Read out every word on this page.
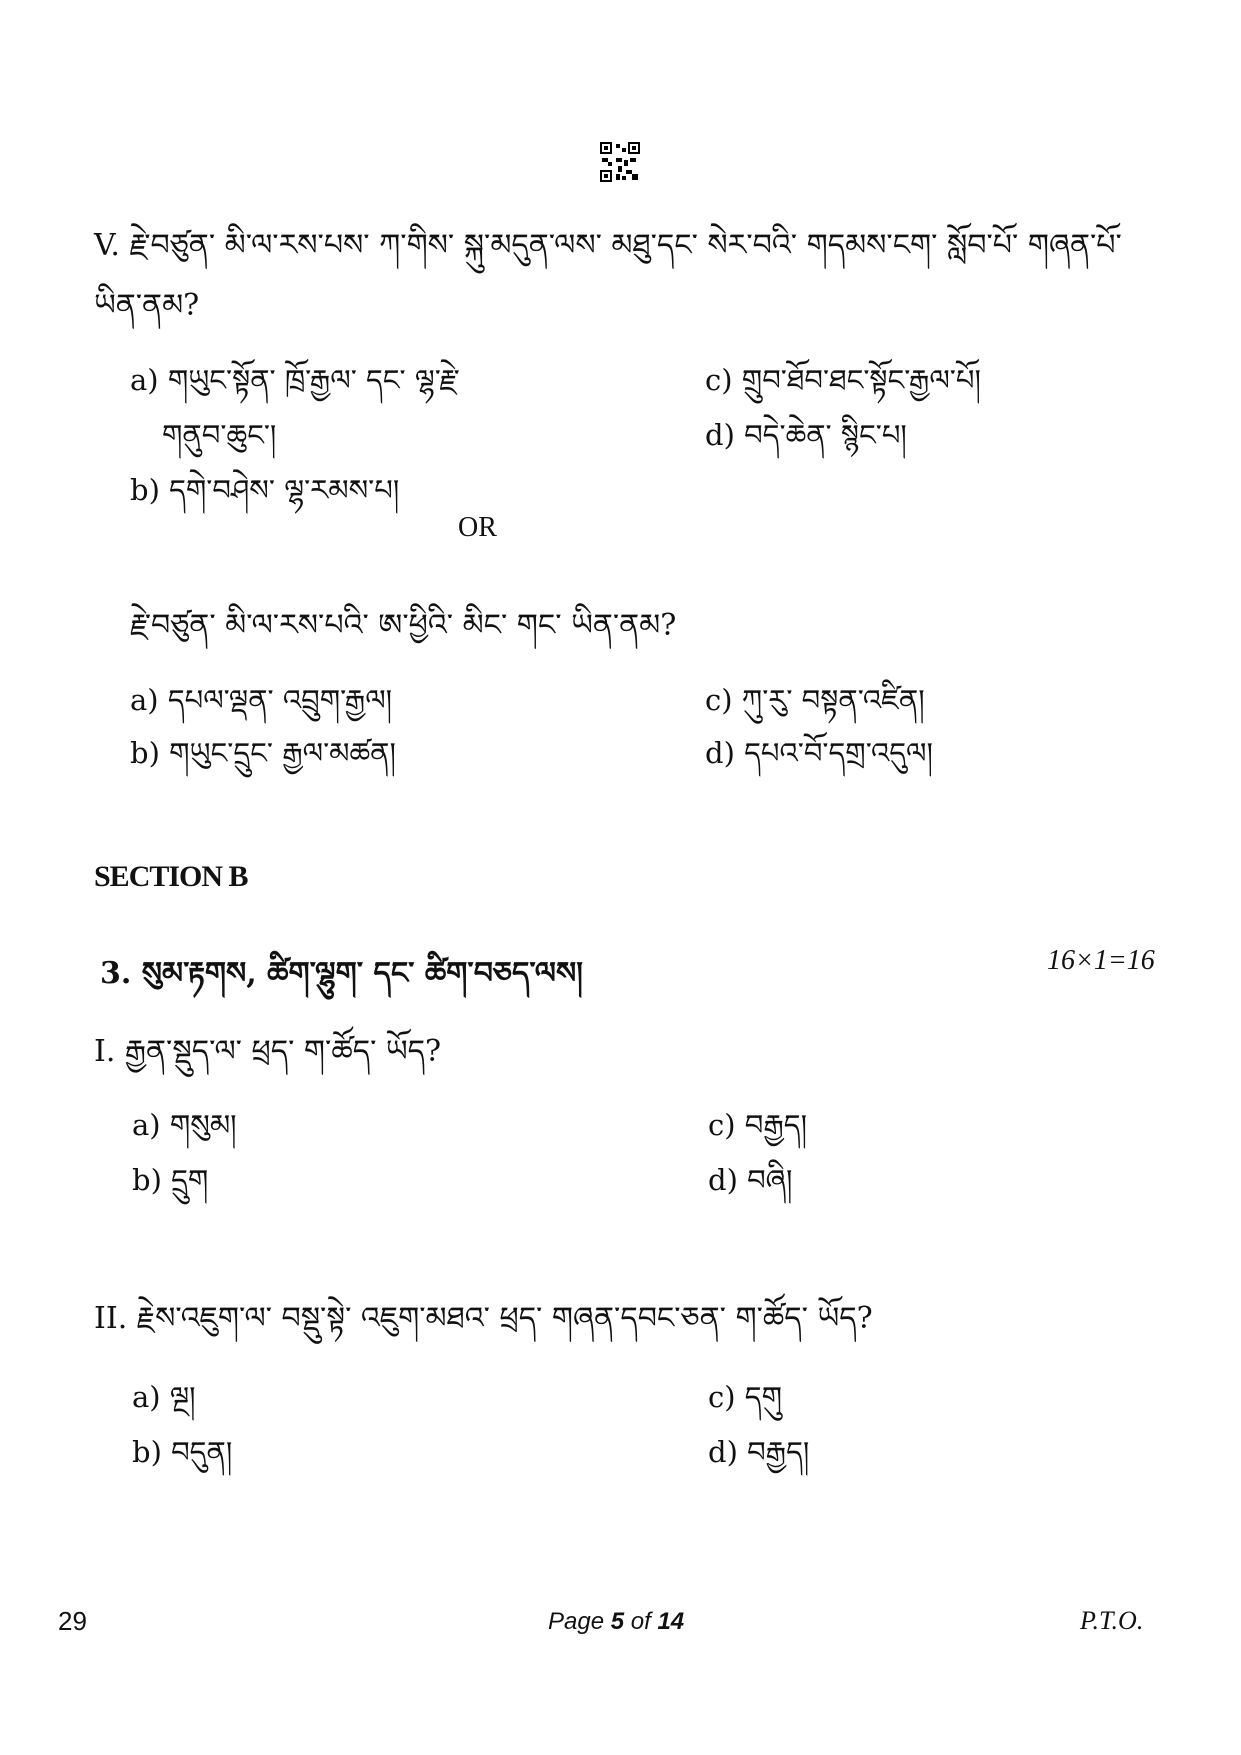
V. རྗེ་བཙུན་ མི་ལ་རས་པས་ ཀ་གིས་ སྐུ་མདུན་ལས་ མཐུ་དང་ སེར་བའི་ གདམས་ངག་ སློབ་པོ་ གཞན་པོ་
ཡིན་ནམ?
a) གཡུང་སྟོན་ ཁྲོ་རྒྱལ་ དང་ ལྷ་རྗེ་
གནུབ་ཆུང་།
b) དགེ་བཤེས་ ལྷ་རམས་པ།
c) གྲུབ་ཐོབ་ཐང་སྟོང་རྒྱལ་པོ།
d) བདེ་ཆེན་ སྙིང་པ།
OR
རྗེ་བཙུན་ མི་ལ་རས་པའི་ ཨ་ཕྱིའི་ མིང་ གང་ ཡིན་ནམ?
a) དཔལ་ལྡན་ འབྲུག་རྒྱལ།
b) གཡུང་དྲུང་ རྒྱལ་མཚན།
c) ཀུ་རུ་ བསྟན་འཛིན།
d) དཔའ་བོ་དགྲ་འདུལ།
SECTION B
3. སུམ་རྟགས, ཚིག་ལྷུག་ དང་ ཚིག་བཅད་ལས།	16×1=16
I. རྒྱན་སྡུད་ལ་ ཕྲད་ ག་ཚོད་ ཡོད?
a) གསུམ།
b) དྲུག
c) བརྒྱད།
d) བཞི།
II. རྗེས་འཇུག་ལ་ བསྡུ་སྟེ་ འཇུག་མཐའ་ ཕྲད་ གཞན་དབང་ཅན་ ག་ཚོད་ ཡོད?
a) ལྔ།
b) བདུན།
c) དགུ
d) བརྒྱད།
29	Page 5 of 14	P.T.O.
